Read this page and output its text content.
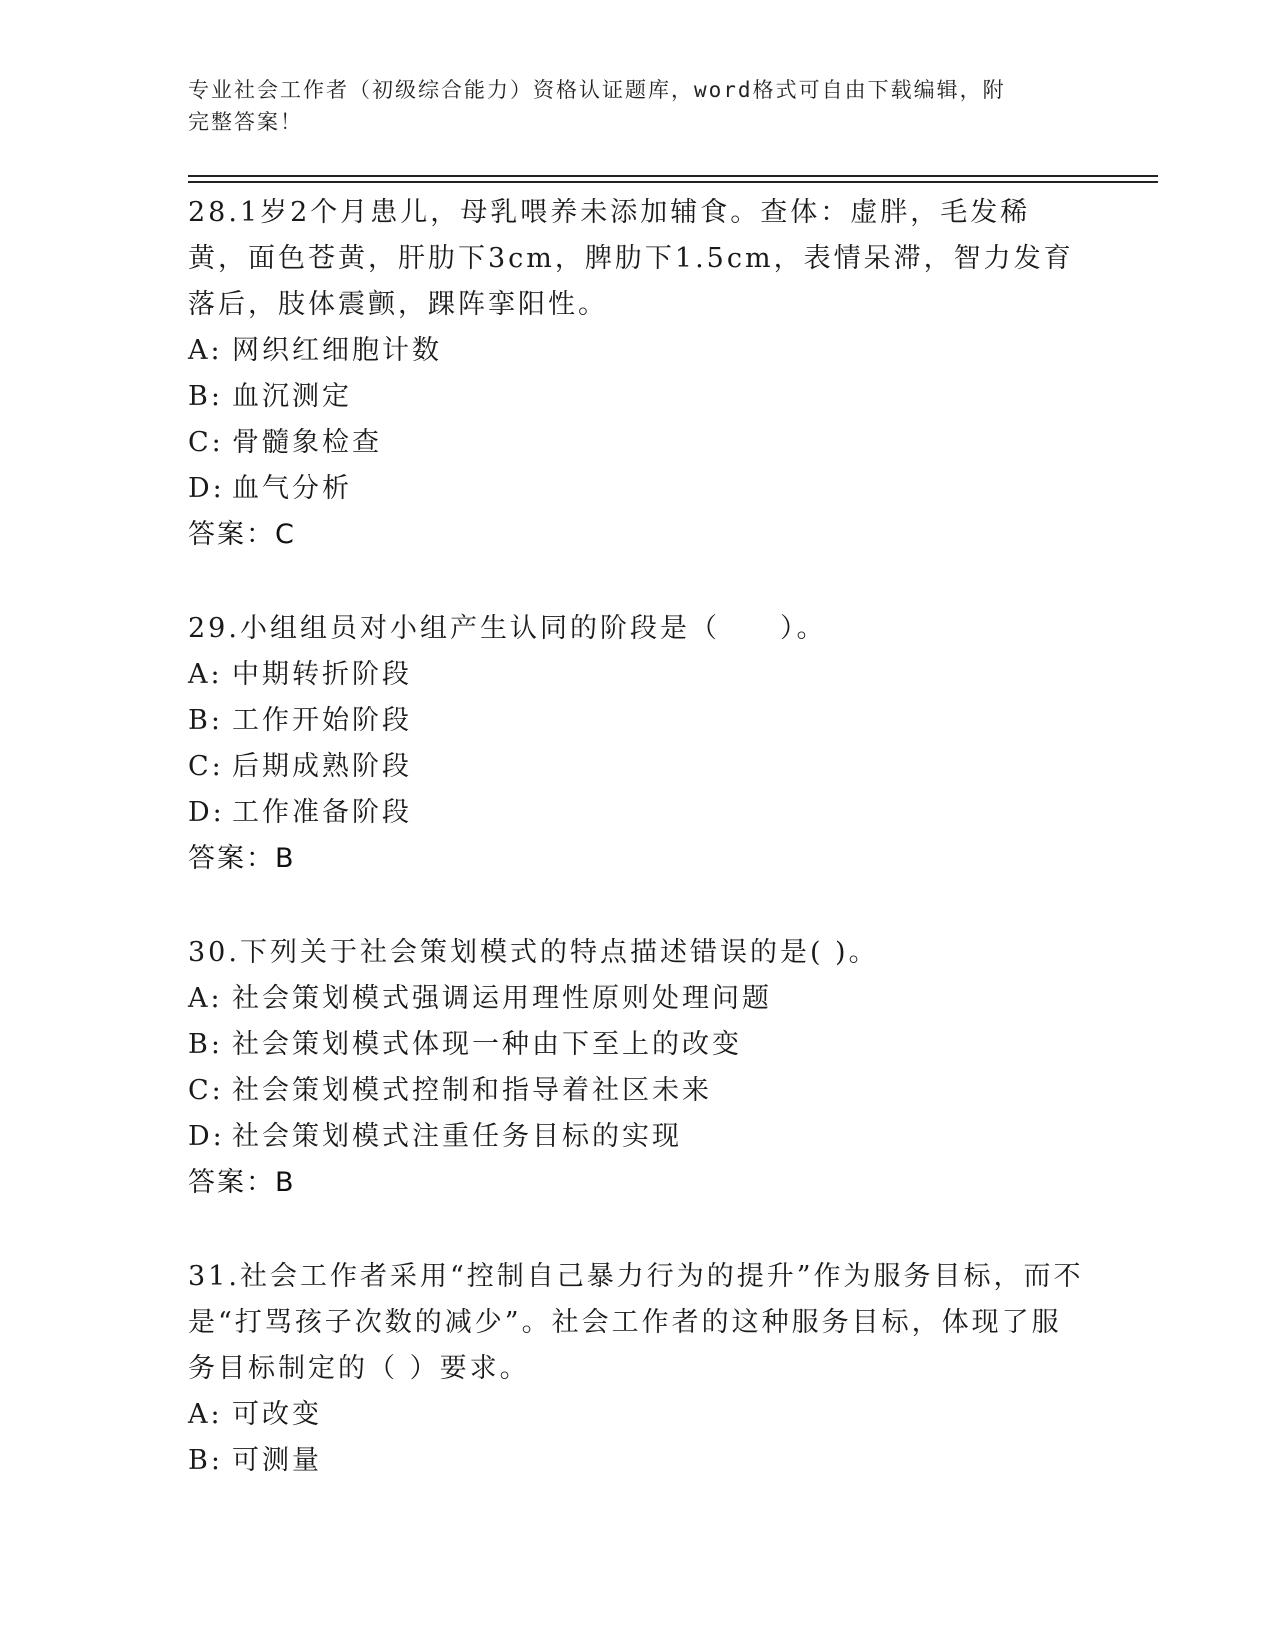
专业社会工作者（初级综合能力）资格认证题库，word格式可自由下载编辑，附
完整答案！

28.1岁2个月患儿，母乳喂养未添加辅食。查体：虚胖，毛发稀黄，面色苍黄，肝肋下3cm，脾肋下1.5cm，表情呆滞，智力发育落后，肢体震颤，踝阵挛阳性。

A: 网织红细胞计数
B: 血沉测定
C: 骨髓象检查
D: 血气分析
答案：C

29.小组组员对小组产生认同的阶段是（　　）。

A: 中期转折阶段
B: 工作开始阶段
C: 后期成熟阶段
D: 工作准备阶段
答案：B

30.下列关于社会策划模式的特点描述错误的是( )。

A: 社会策划模式强调运用理性原则处理问题
B: 社会策划模式体现一种由下至上的改变
C: 社会策划模式控制和指导着社区未来
D: 社会策划模式注重任务目标的实现
答案：B

31.社会工作者采用“控制自己暴力行为的提升”作为服务目标，而不是“打骂孩子次数的减少”。社会工作者的这种服务目标，体现了服务目标制定的（ ）要求。

A: 可改变
B: 可测量
